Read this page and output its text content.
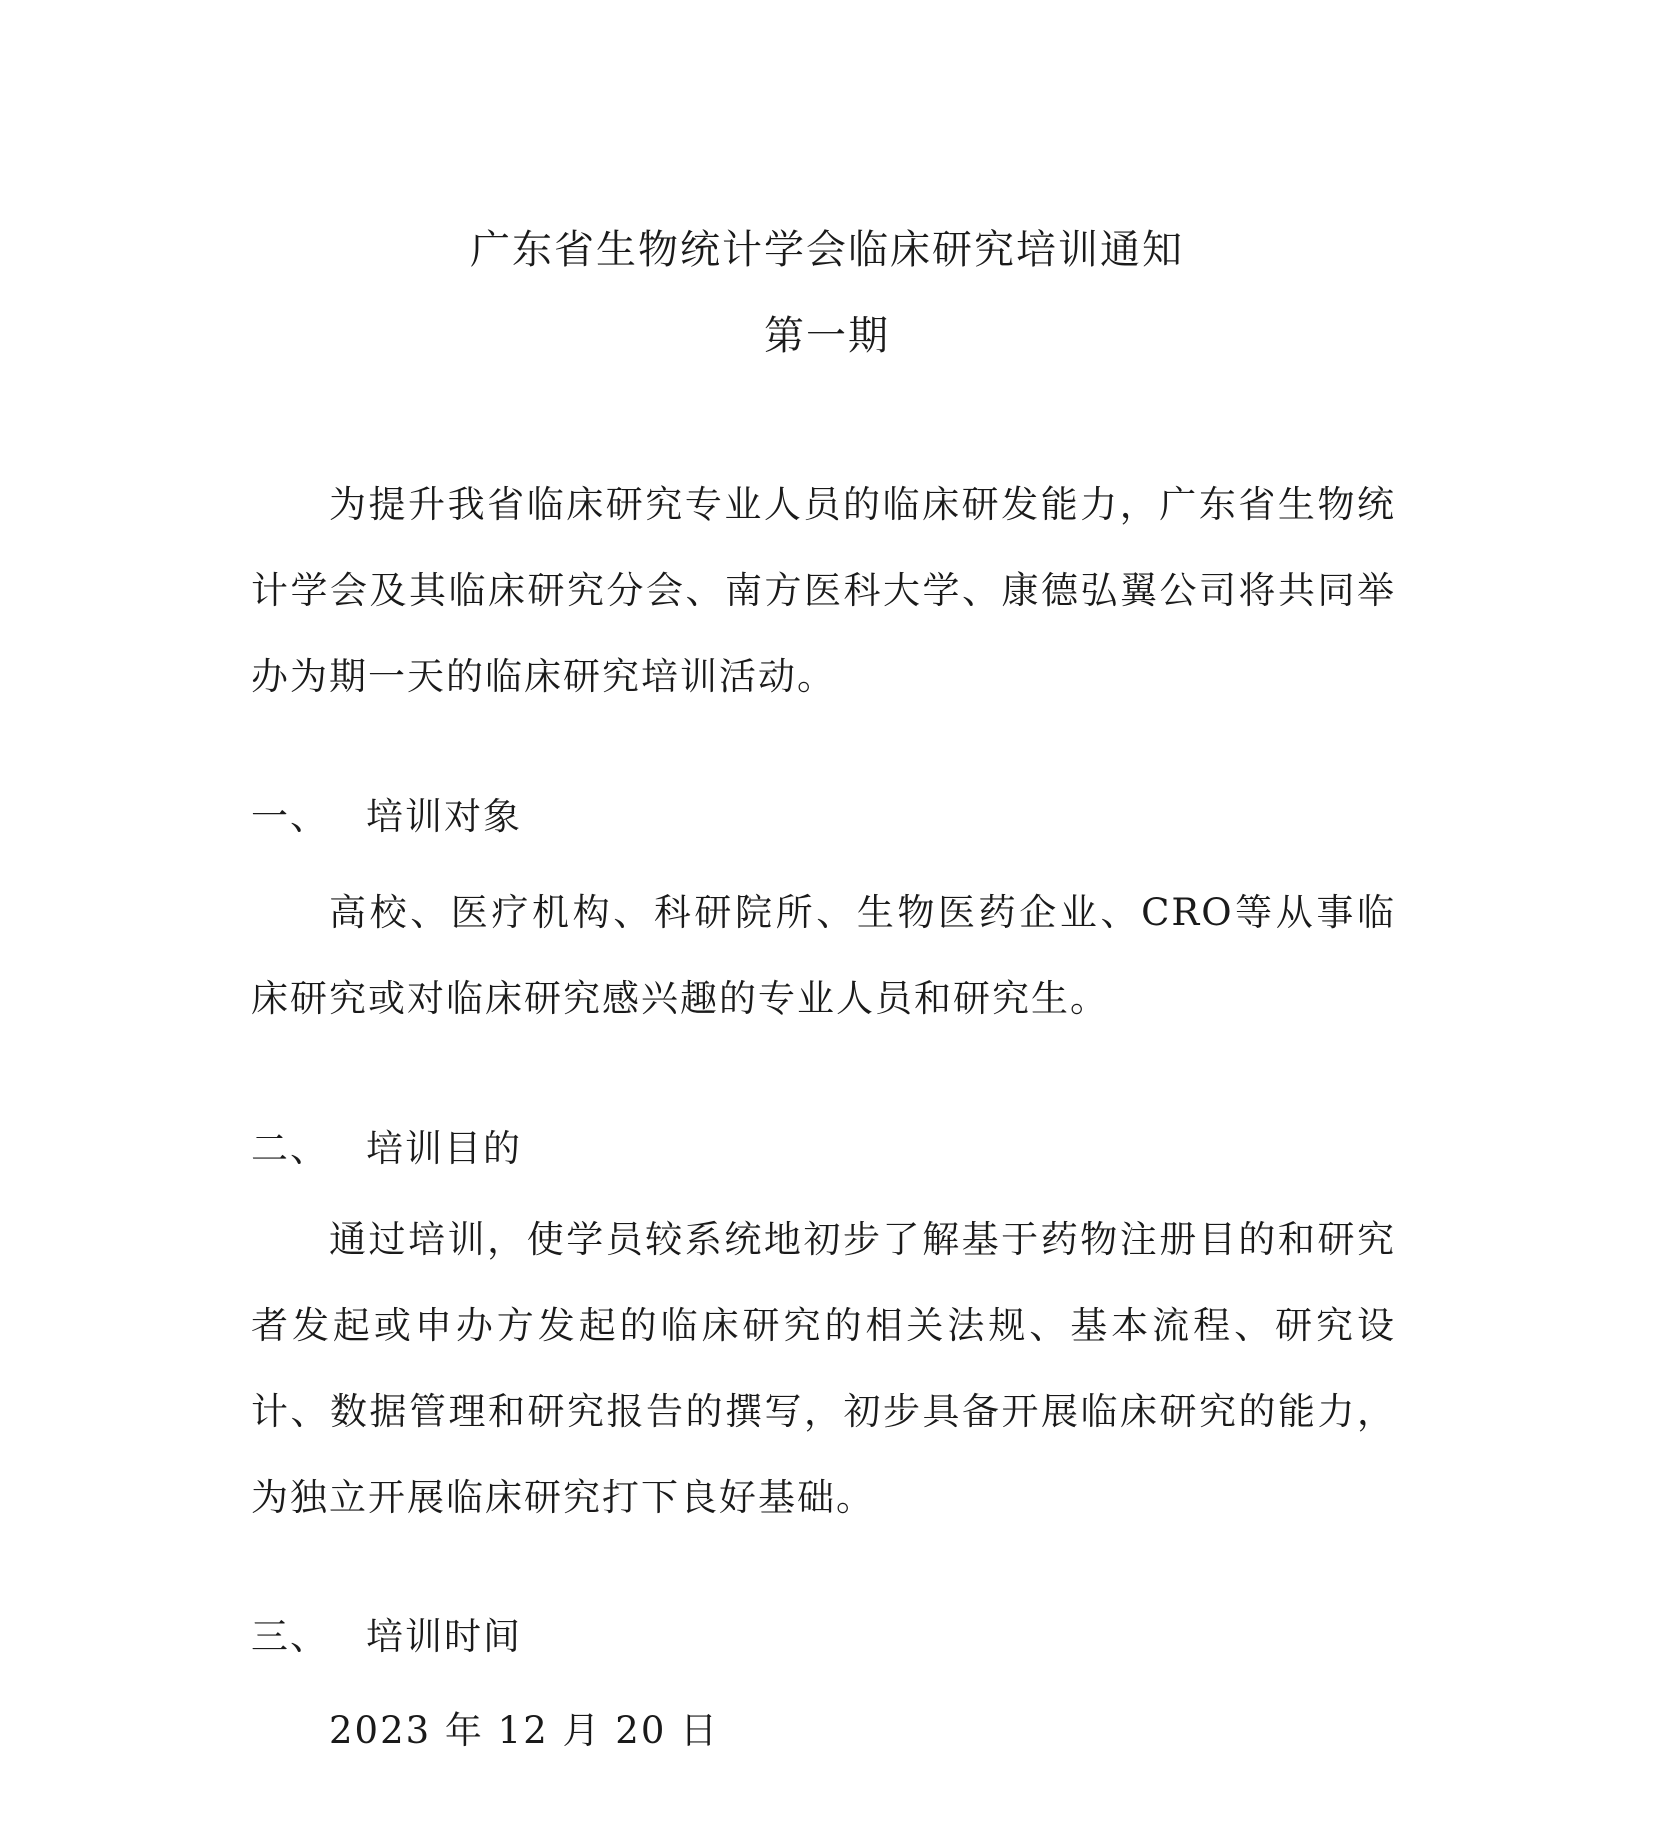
广东省生物统计学会临床研究培训通知
第一期

为提升我省临床研究专业人员的临床研发能力，广东省生物统计学会及其临床研究分会、南方医科大学、康德弘翼公司将共同举办为期一天的临床研究培训活动。

一、 培训对象

高校、医疗机构、科研院所、生物医药企业、CRO等从事临床研究或对临床研究感兴趣的专业人员和研究生。

二、 培训目的

通过培训，使学员较系统地初步了解基于药物注册目的和研究者发起或申办方发起的临床研究的相关法规、基本流程、研究设计、数据管理和研究报告的撰写，初步具备开展临床研究的能力，为独立开展临床研究打下良好基础。

三、 培训时间

2023 年 12 月 20 日
